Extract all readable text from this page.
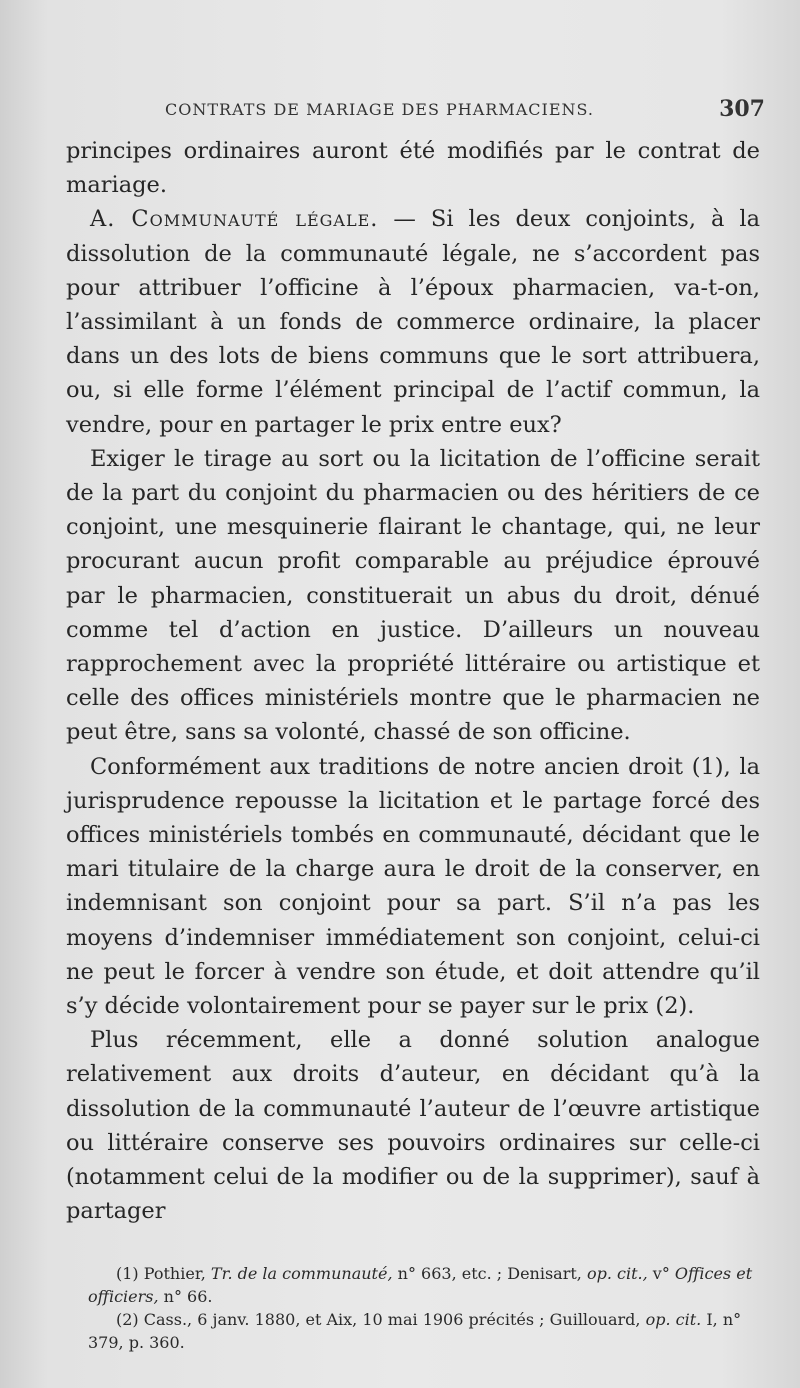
CONTRATS DE MARIAGE DES PHARMACIENS.	307

principes ordinaires auront été modifiés par le contrat de mariage.

A. Communauté légale. — Si les deux conjoints, à la dissolution de la communauté légale, ne s’accordent pas pour attribuer l’officine à l’époux pharmacien, va-t-on, l’assimilant à un fonds de commerce ordinaire, la placer dans un des lots de biens communs que le sort attribuera, ou, si elle forme l’élément principal de l’actif commun, la vendre, pour en partager le prix entre eux?

Exiger le tirage au sort ou la licitation de l’officine serait de la part du conjoint du pharmacien ou des héritiers de ce conjoint, une mesquinerie flairant le chantage, qui, ne leur procurant aucun profit comparable au préjudice éprouvé par le pharmacien, constituerait un abus du droit, dénué comme tel d’action en justice. D’ailleurs un nouveau rapprochement avec la propriété littéraire ou artistique et celle des offices ministériels montre que le pharmacien ne peut être, sans sa volonté, chassé de son officine.

Conformément aux traditions de notre ancien droit (1), la jurisprudence repousse la licitation et le partage forcé des offices ministériels tombés en communauté, décidant que le mari titulaire de la charge aura le droit de la conserver, en indemnisant son conjoint pour sa part. S’il n’a pas les moyens d’indemniser immédiatement son conjoint, celui-ci ne peut le forcer à vendre son étude, et doit attendre qu’il s’y décide volontairement pour se payer sur le prix (2).

Plus récemment, elle a donné solution analogue relativement aux droits d’auteur, en décidant qu’à la dissolution de la communauté l’auteur de l’œuvre artistique ou littéraire conserve ses pouvoirs ordinaires sur celle-ci (notamment celui de la modifier ou de la supprimer), sauf à partager

(1) Pothier, Tr. de la communauté, n° 663, etc. ; Denisart, op. cit., v° Offices et officiers, n° 66.

(2) Cass., 6 janv. 1880, et Aix, 10 mai 1906 précités ; Guillouard, op. cit. I, n° 379, p. 360.
